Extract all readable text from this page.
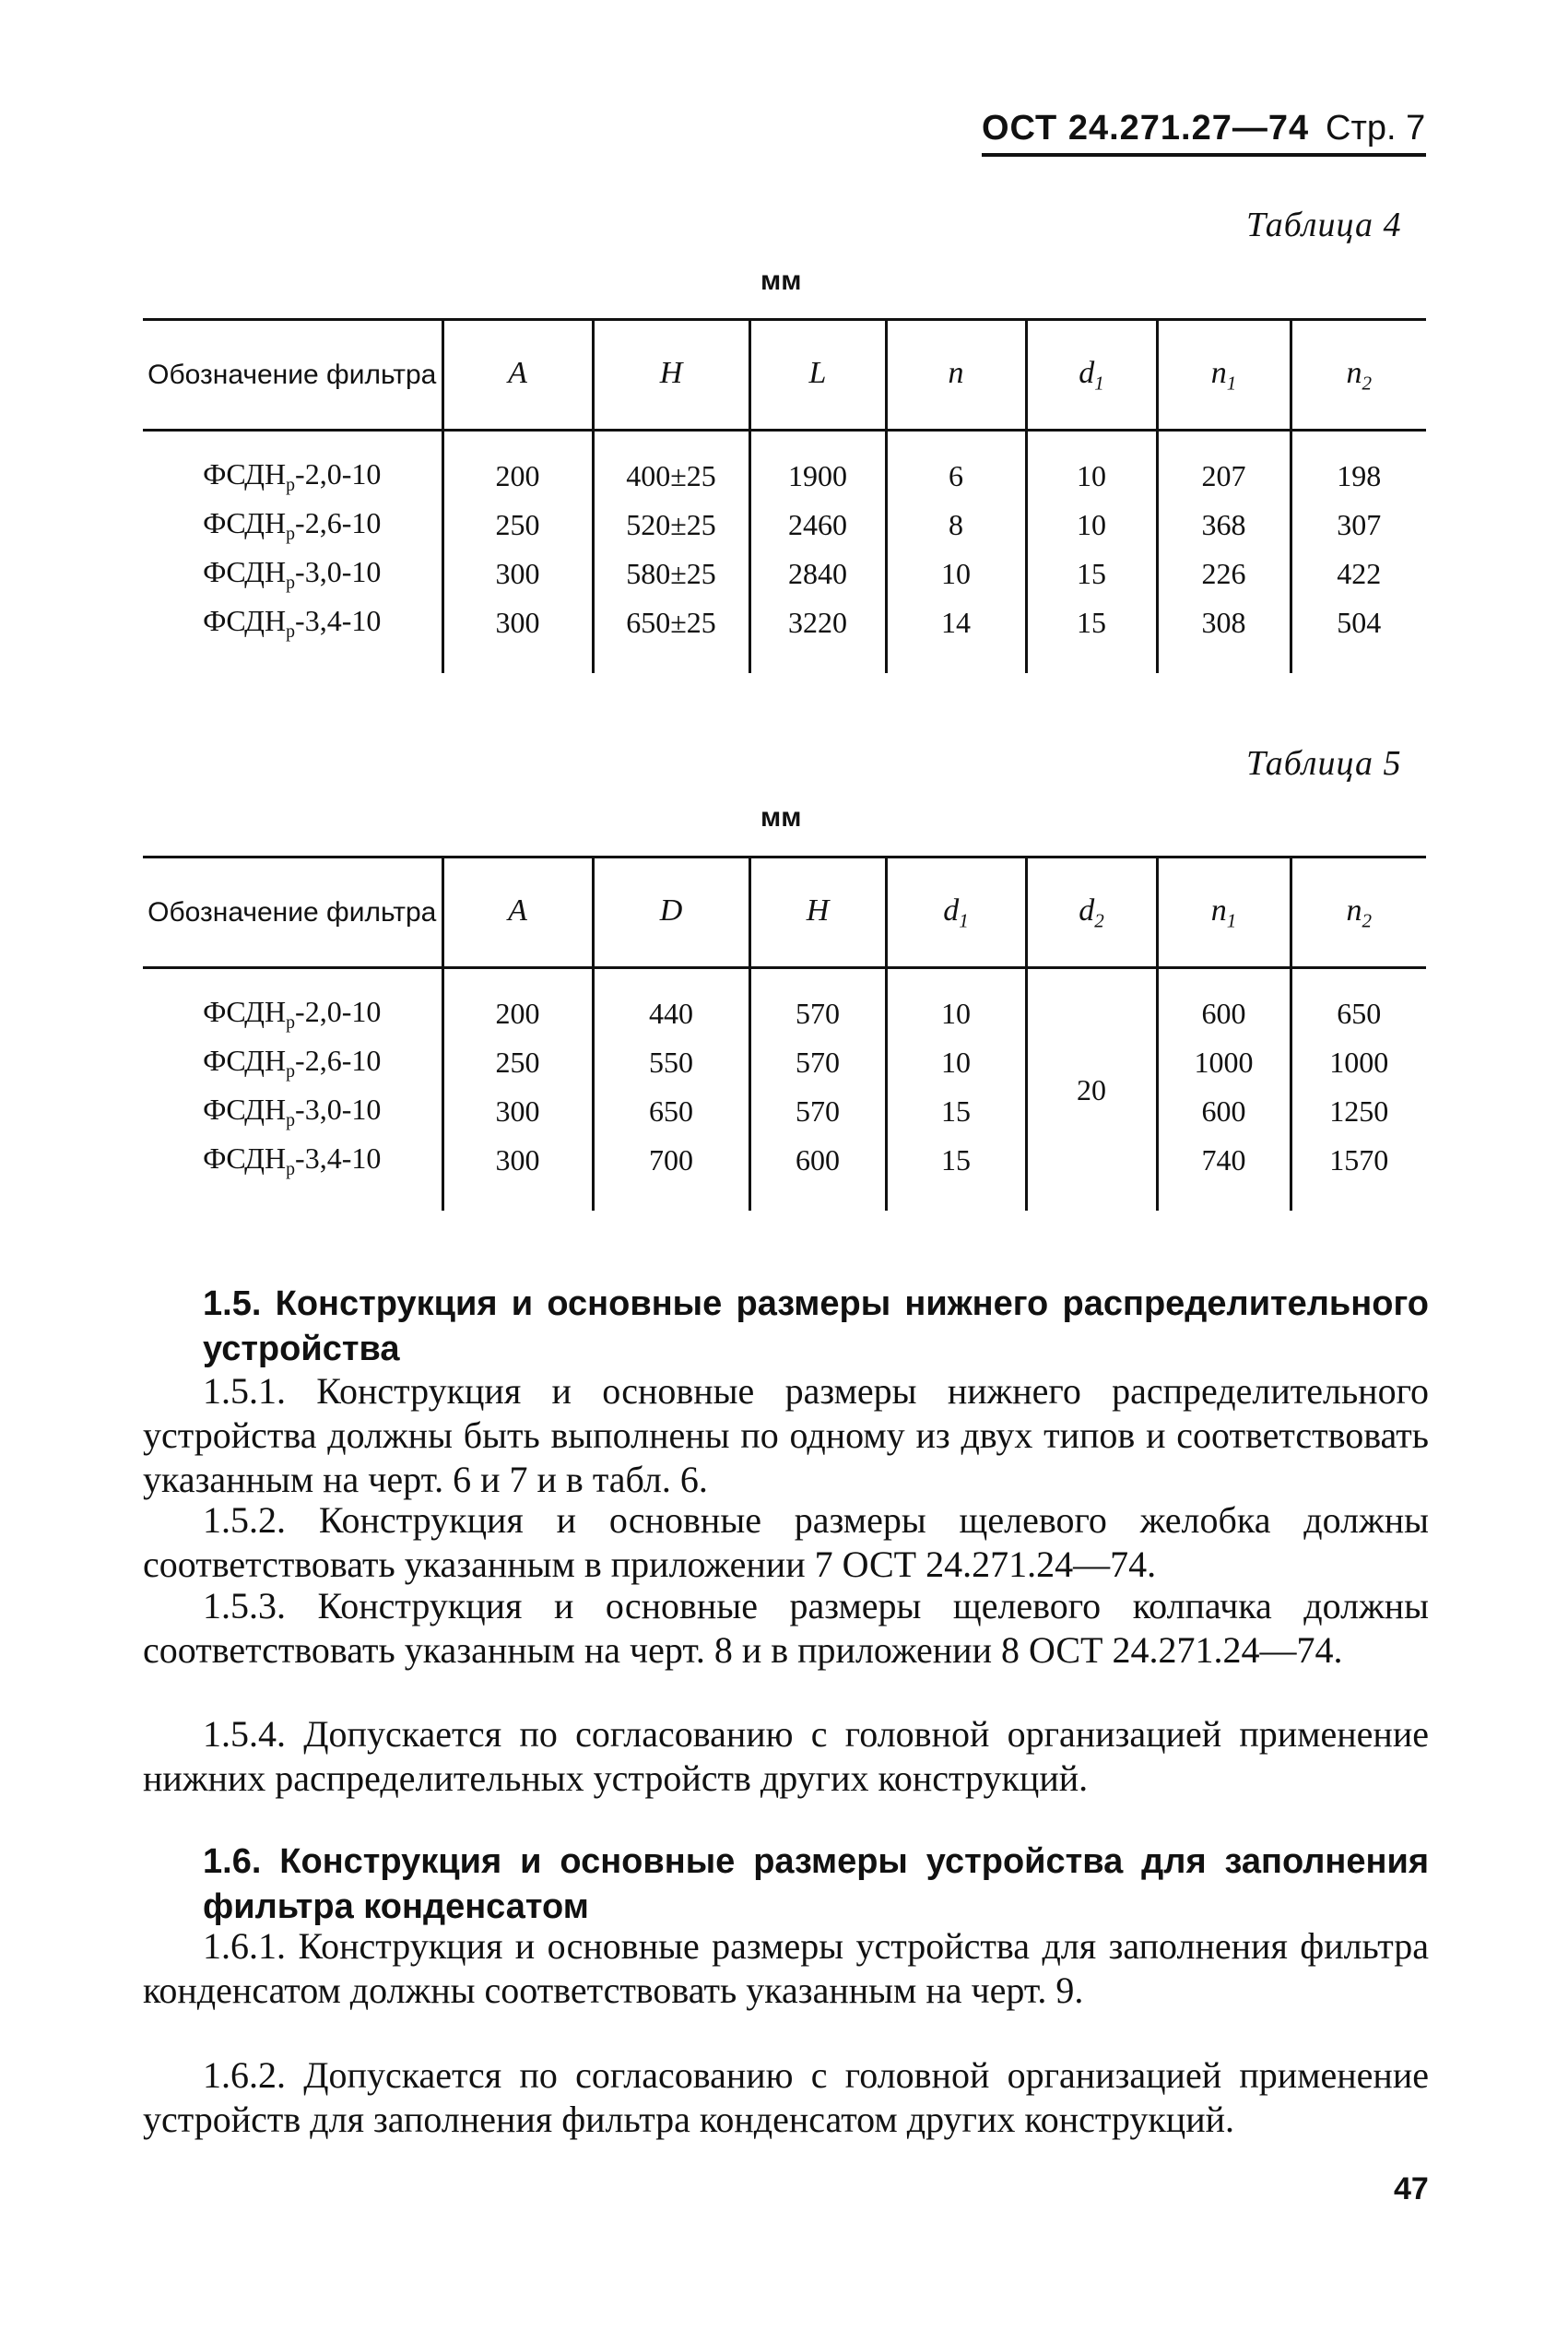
ОСТ 24.271.27—74 Стр. 7
Таблица 4
мм
Обозначение фильтра	A	H	L	n	$d_1$	$n_1$	$n_2$
$ФСДН_р-2,0-10$	200	400±25	1900	6	10	207	198
$ФСДН_р-2,6-10$	250	520±25	2460	8	10	368	307
$ФСДН_р-3,0-10$	300	580±25	2840	10	15	226	422
$ФСДН_р-3,4-10$	300	650±25	3220	14	15	308	504
Таблица 5
мм
Обозначение фильтра	A	D	H	$d_1$	$d_2$	$n_1$	$n_2$
$ФСДН_р-2,0-10$	200	440	570	10	20	600	650
$ФСДН_р-2,6-10$	250	550	570	10		1000	1000
$ФСДН_р-3,0-10$	300	650	570	15		600	1250
$ФСДН_р-3,4-10$	300	700	600	15		740	1570
1.5. Конструкция и основные размеры нижнего распределительного устройства
1.5.1. Конструкция и основные размеры нижнего распределительного устройства должны быть выполнены по одному из двух типов и соответствовать указанным на черт. 6 и 7 и в табл. 6.
1.5.2. Конструкция и основные размеры щелевого желобка должны соответствовать указанным в приложении 7 ОСТ 24.271.24—74.
1.5.3. Конструкция и основные размеры щелевого колпачка должны соответствовать указанным на черт. 8 и в приложении 8 ОСТ 24.271.24—74.
1.5.4. Допускается по согласованию с головной организацией применение нижних распределительных устройств других конструкций.
1.6. Конструкция и основные размеры устройства для заполнения фильтра конденсатом
1.6.1. Конструкция и основные размеры устройства для заполнения фильтра конденсатом должны соответствовать указанным на черт. 9.
1.6.2. Допускается по согласованию с головной организацией применение устройств для заполнения фильтра конденсатом других конструкций.
47
